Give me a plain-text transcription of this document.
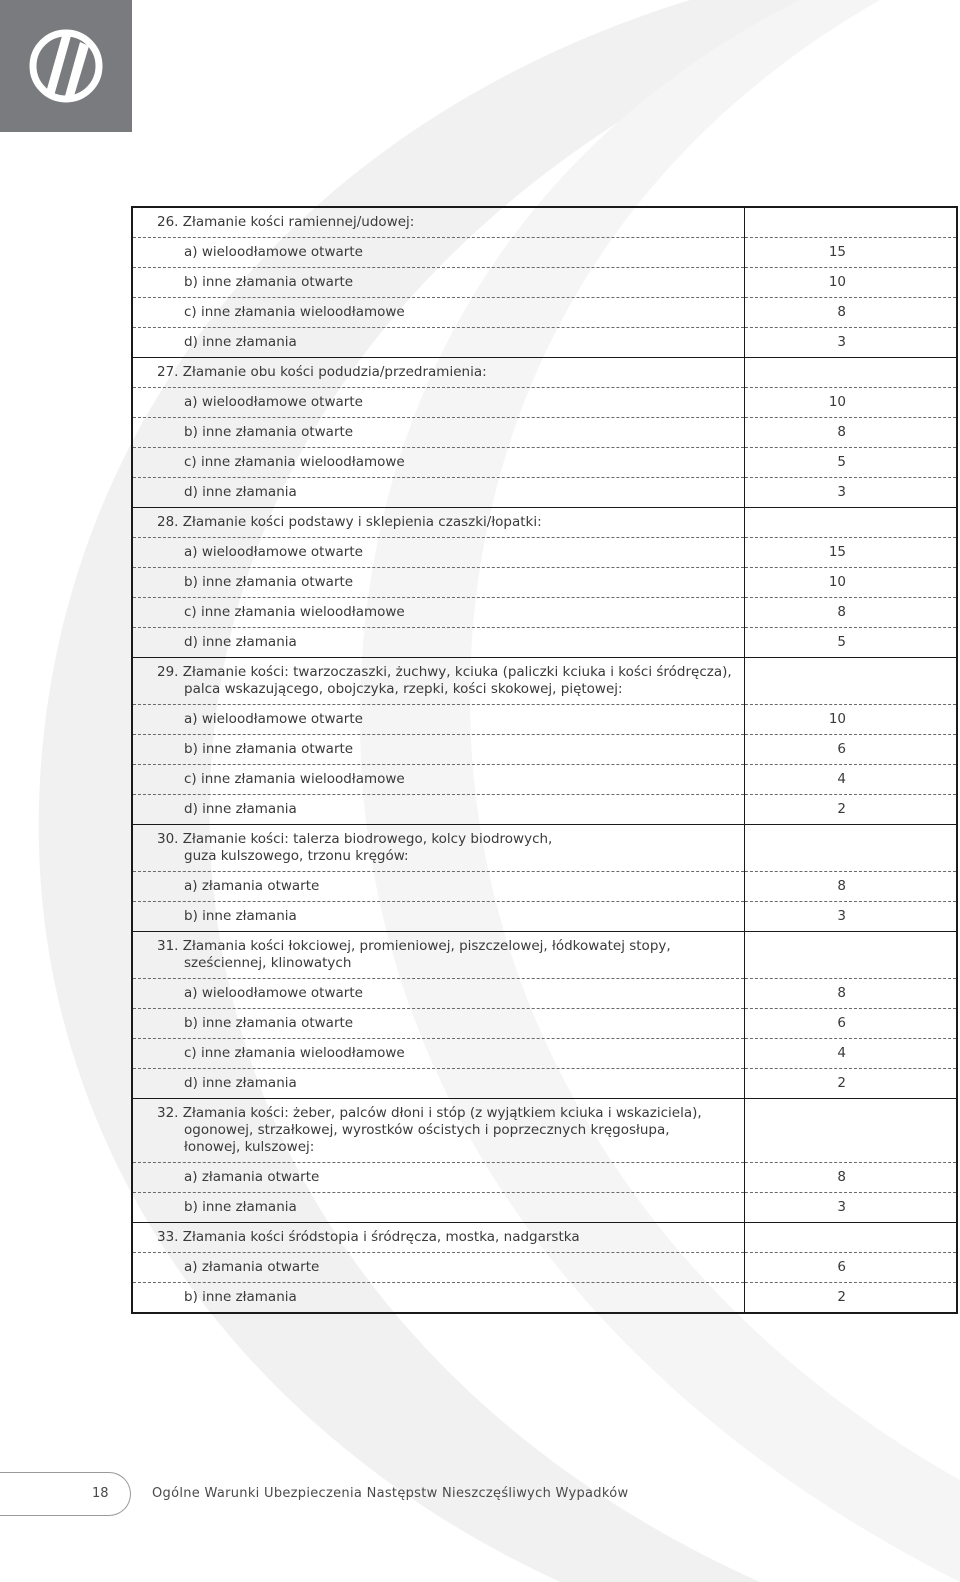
26. Złamanie kości ramiennej/udowej:	
a) wieloodłamowe otwarte	15
b) inne złamania otwarte	10
c) inne złamania wieloodłamowe	8
d) inne złamania	3
27. Złamanie obu kości podudzia/przedramienia:	
a) wieloodłamowe otwarte	10
b) inne złamania otwarte	8
c) inne złamania wieloodłamowe	5
d) inne złamania	3
28. Złamanie kości podstawy i sklepienia czaszki/łopatki:	
a) wieloodłamowe otwarte	15
b) inne złamania otwarte	10
c) inne złamania wieloodłamowe	8
d) inne złamania	5
29. Złamanie kości: twarzoczaszki, żuchwy, kciuka (paliczki kciuka i kości śródręcza),
palca wskazującego, obojczyka, rzepki, kości skokowej, piętowej:	
a) wieloodłamowe otwarte	10
b) inne złamania otwarte	6
c) inne złamania wieloodłamowe	4
d) inne złamania	2
30. Złamanie kości: talerza biodrowego, kolcy biodrowych,
guza kulszowego, trzonu kręgów:	
a) złamania otwarte	8
b) inne złamania	3
31. Złamania kości łokciowej, promieniowej, piszczelowej, łódkowatej stopy,
sześciennej, klinowatych	
a) wieloodłamowe otwarte	8
b) inne złamania otwarte	6
c) inne złamania wieloodłamowe	4
d) inne złamania	2
32. Złamania kości: żeber, palców dłoni i stóp (z wyjątkiem kciuka i wskaziciela),
ogonowej, strzałkowej, wyrostków ościstych i poprzecznych kręgosłupa,
łonowej, kulszowej:	
a) złamania otwarte	8
b) inne złamania	3
33. Złamania kości śródstopia i śródręcza, mostka, nadgarstka	
a) złamania otwarte	6
b) inne złamania	2
18	Ogólne Warunki Ubezpieczenia Następstw Nieszczęśliwych Wypadków
